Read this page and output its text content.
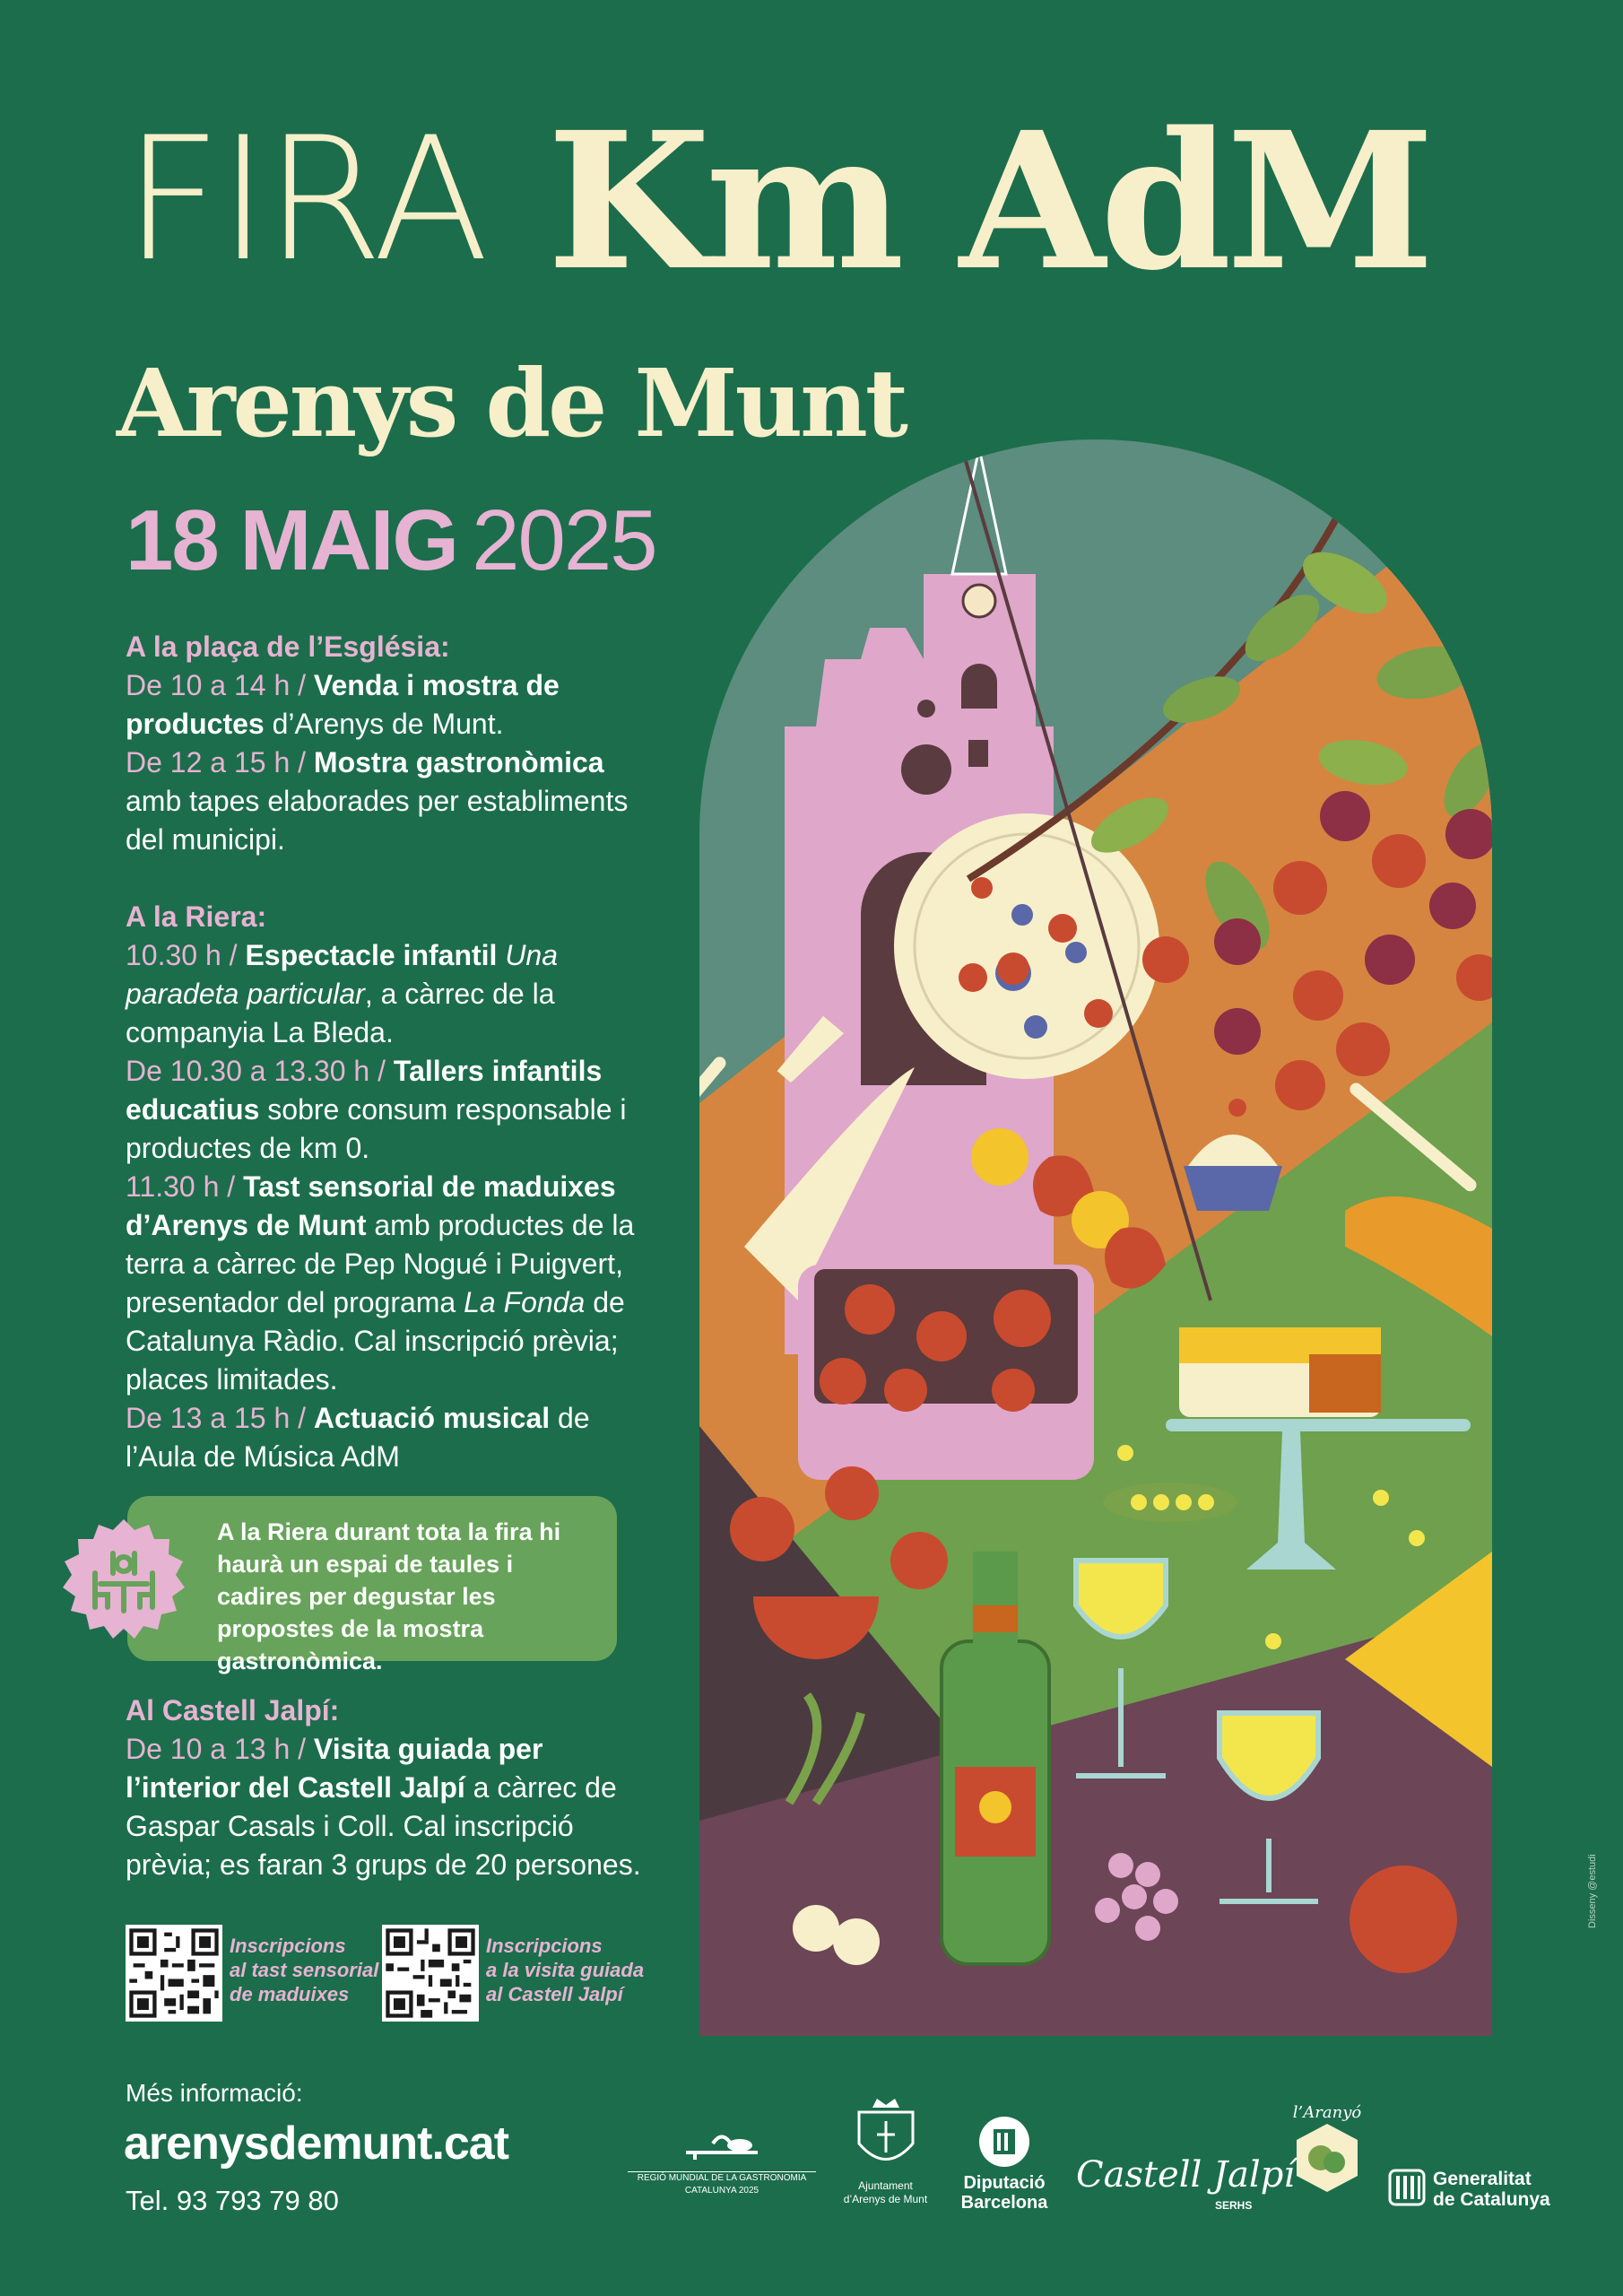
FIRA Km AdM
Arenys de Munt
18 MAIG 2025

A la plaça de l’Església:

De 10 a 14 h / Venda i mostra de productes d’Arenys de Munt.

De 12 a 15 h / Mostra gastronòmica amb tapes elaborades per establiments del municipi.

A la Riera:

10.30 h / Espectacle infantil Una paradeta particular, a càrrec de la companyia La Bleda.

De 10.30 a 13.30 h / Tallers infantils educatius sobre consum responsable i productes de km 0.

11.30 h / Tast sensorial de maduixes d’Arenys de Munt amb productes de la terra a càrrec de Pep Nogué i Puigvert, presentador del programa La Fonda de Catalunya Ràdio. Cal inscripció prèvia; places limitades.

De 13 a 15 h / Actuació musical de l’Aula de Música AdM

A la Riera durant tota la fira hi haurà un espai de taules i cadires per degustar les propostes de la mostra gastronòmica.

Al Castell Jalpí:

De 10 a 13 h / Visita guiada per l’interior del Castell Jalpí a càrrec de Gaspar Casals i Coll. Cal inscripció prèvia; es faran 3 grups de 20 persones.

Inscripcions
al tast sensorial
de maduixes
Inscripcions
a la visita guiada
al Castell Jalpí
Més informació:
arenysdemunt.cat
Tel. 93 793 79 80
REGIÓ MUNDIAL DE LA GASTRONOMIA
CATALUNYA 2025	Ajuntament
d’Arenys de Munt
Diputació
Barcelona
Castell Jalpí
SERHS
l’Aranyó
Generalitat
de Catalunya
Disseny @estudi
